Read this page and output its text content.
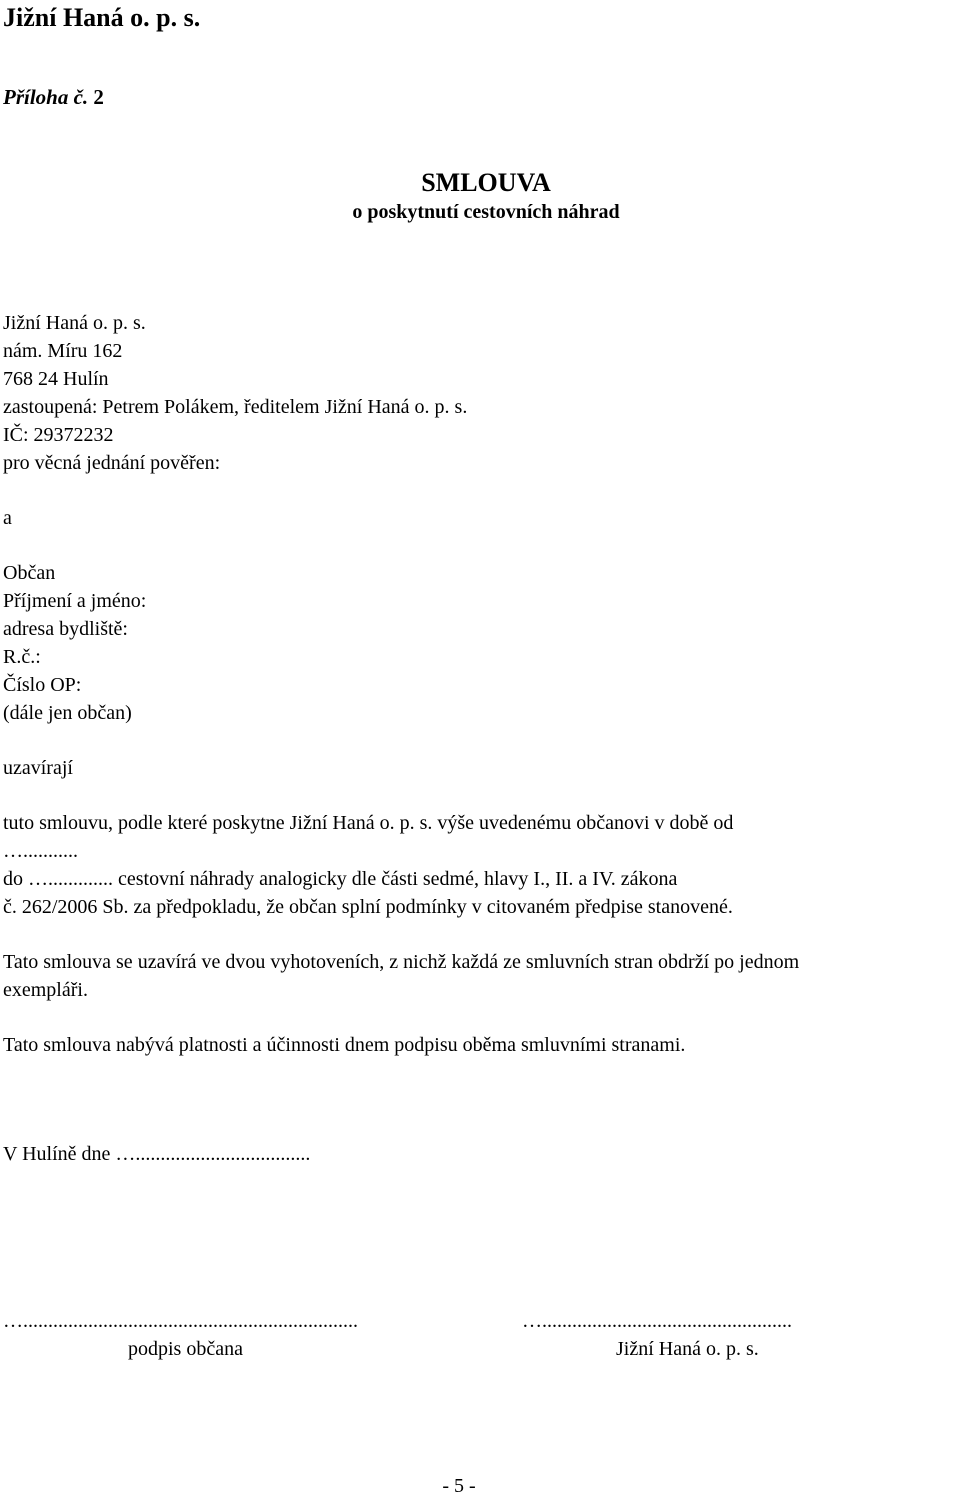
Jižní Haná o. p. s.
Příloha č. 2
SMLOUVA
o poskytnutí cestovních náhrad
Jižní Haná o. p. s.
nám. Míru 162
768 24 Hulín
zastoupená: Petrem Polákem, ředitelem Jižní Haná o. p. s.
IČ: 29372232
pro věcná jednání pověřen:
a
Občan
Příjmení a jméno:
adresa bydliště:
R.č.:
Číslo OP:
(dále jen občan)
uzavírají
tuto smlouvu, podle které poskytne Jižní Haná o. p. s. výše uvedenému občanovi v době od
…...........
do …............. cestovní náhrady analogicky dle části sedmé, hlavy I., II. a IV. zákona
č. 262/2006 Sb. za předpokladu, že občan splní podmínky v citovaném předpise stanovené.
Tato smlouva se uzavírá ve dvou vyhotoveních, z nichž každá ze smluvních stran obdrží po jednom
exempláři.
Tato smlouva nabývá platnosti a účinnosti dnem podpisu oběma smluvními stranami.
V Hulíně dne …...................................
…...................................................................
podpis občana
…..................................................
Jižní Haná o. p. s.
- 5 -
